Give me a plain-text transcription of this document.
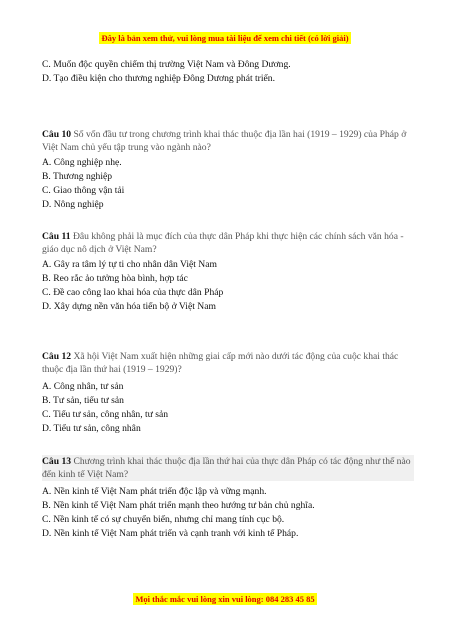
Đây là bản xem thử, vui lòng mua tài liệu để xem chi tiết (có lời giải)
C. Muốn độc quyền chiếm thị trường Việt Nam và Đông Dương.
D. Tạo điều kiện cho thương nghiệp Đông Dương phát triển.
Câu 10 Số vốn đầu tư trong chương trình khai thác thuộc địa lần hai (1919 – 1929) của Pháp ở Việt Nam chủ yếu tập trung vào ngành nào?
A. Công nghiệp nhẹ.
B. Thương nghiệp
C. Giao thông vận tải
D. Nông nghiệp
Câu 11 Đâu không phải là mục đích của thực dân Pháp khi thực hiện các chính sách văn hóa - giáo dục nô dịch ở Việt Nam?
A. Gây ra tâm lý tự ti cho nhân dân Việt Nam
B. Reo rắc ảo tưởng hòa bình, hợp tác
C. Đề cao công lao khai hóa của thực dân Pháp
D. Xây dựng nền văn hóa tiến bộ ở Việt Nam
Câu 12 Xã hội Việt Nam xuất hiện những giai cấp mới nào dưới tác động của cuộc khai thác thuộc địa lần thứ hai (1919 – 1929)?
A. Công nhân, tư sản
B. Tư sản, tiểu tư sản
C. Tiểu tư sản, công nhân, tư sản
D. Tiểu tư sản, công nhân
Câu 13 Chương trình khai thác thuộc địa lần thứ hai của thực dân Pháp có tác động như thế nào đến kinh tế Việt Nam?
A. Nền kinh tế Việt Nam phát triển độc lập và vững mạnh.
B. Nền kinh tế Việt Nam phát triển mạnh theo hướng tư bản chủ nghĩa.
C. Nền kinh tế có sự chuyển biến, nhưng chỉ mang tính cục bộ.
D. Nền kinh tế Việt Nam phát triển và cạnh tranh với kinh tế Pháp.
Mọi thắc mắc vui lòng xin vui lòng: 084 283 45 85
